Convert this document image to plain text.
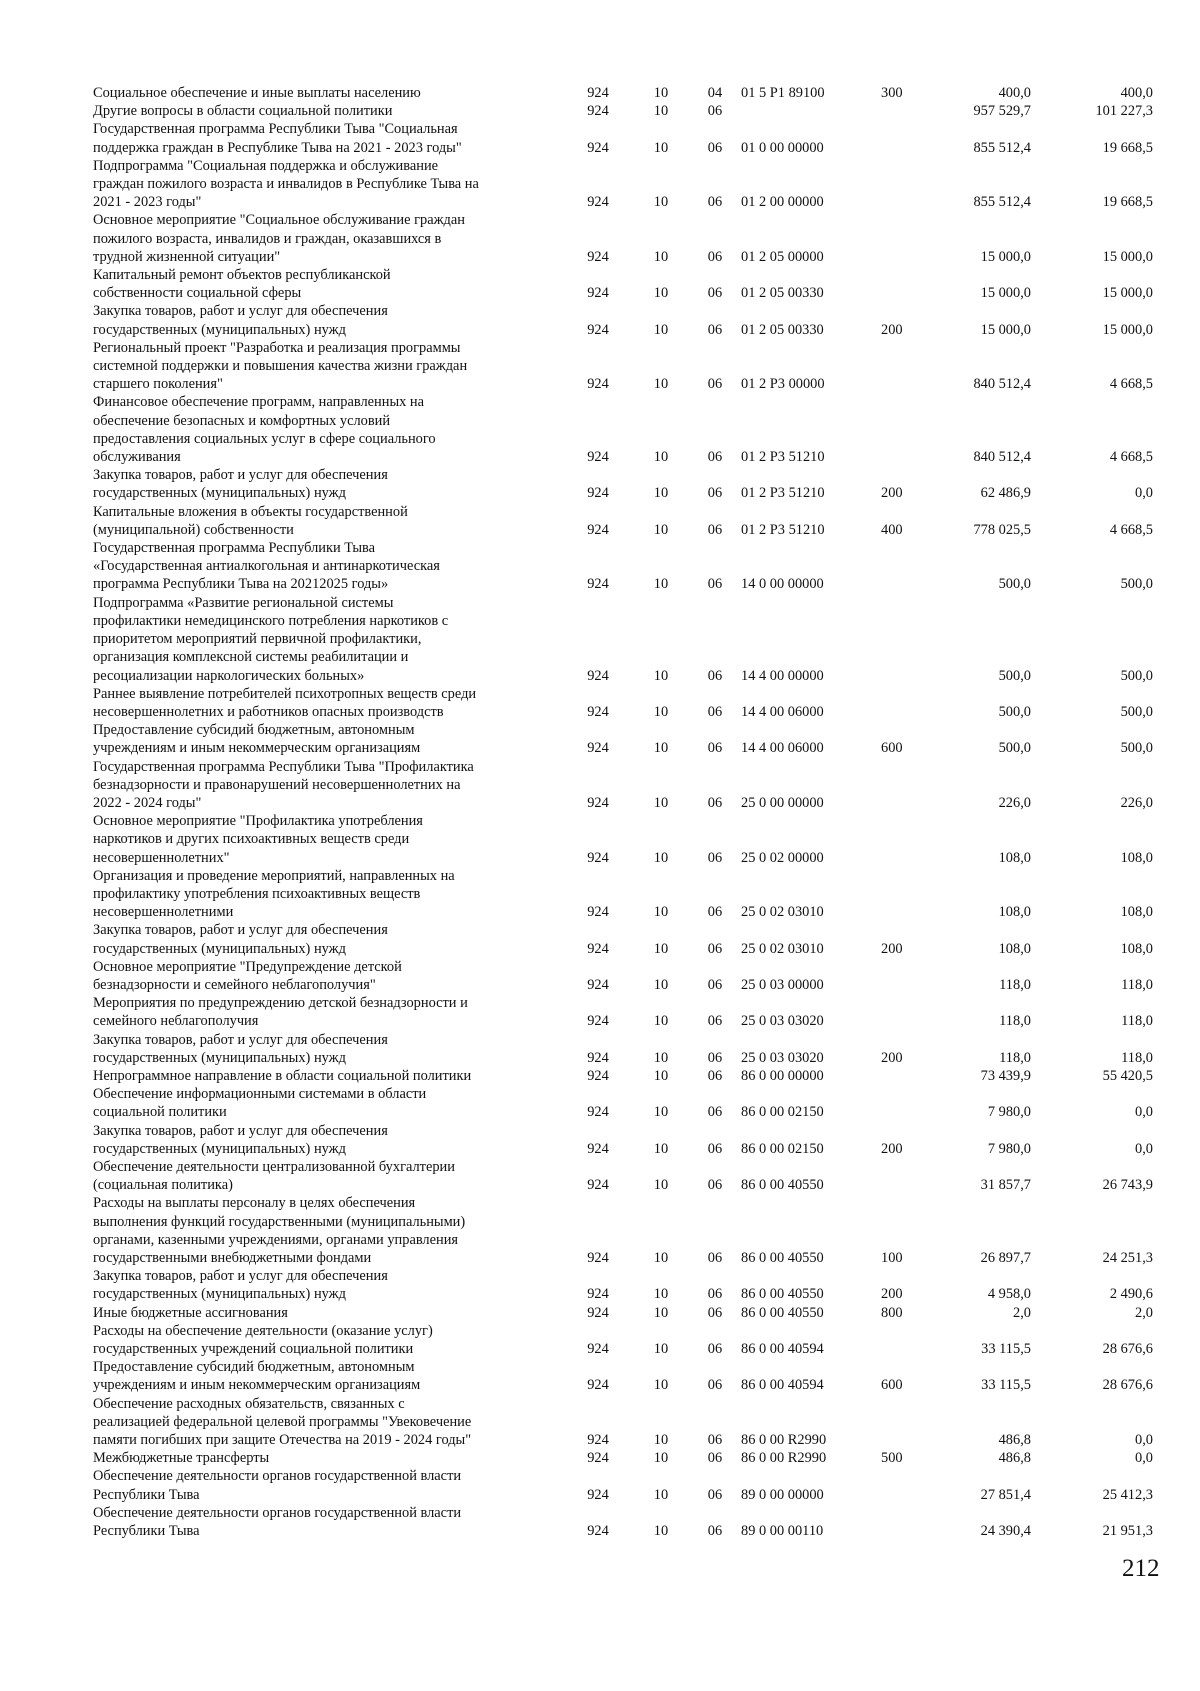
Социальное обеспечение и иные выплаты населению	924	10	04	01 5 P1 89100	300	400,0	400,0
Другие вопросы в области социальной политики	924	10	06			957 529,7	101 227,3
Государственная программа Республики Тыва "Социальная
поддержка граждан в Республике Тыва на 2021 - 2023 годы"	924	10	06	01 0 00 00000		855 512,4	19 668,5
Подпрограмма "Социальная поддержка и обслуживание
граждан пожилого возраста и инвалидов в Республике Тыва на
2021 - 2023 годы"	924	10	06	01 2 00 00000		855 512,4	19 668,5
Основное мероприятие "Социальное обслуживание граждан
пожилого возраста, инвалидов и граждан, оказавшихся в
трудной жизненной ситуации"	924	10	06	01 2 05 00000		15 000,0	15 000,0
Капитальный ремонт объектов республиканской
собственности социальной сферы	924	10	06	01 2 05 00330		15 000,0	15 000,0
Закупка товаров, работ и услуг для обеспечения
государственных (муниципальных) нужд	924	10	06	01 2 05 00330	200	15 000,0	15 000,0
Региональный проект "Разработка и реализация программы
системной поддержки и повышения качества жизни граждан
старшего поколения"	924	10	06	01 2 P3 00000		840 512,4	4 668,5
Финансовое обеспечение программ, направленных на
обеспечение безопасных и комфортных условий
предоставления социальных услуг в сфере социального
обслуживания	924	10	06	01 2 P3 51210		840 512,4	4 668,5
Закупка товаров, работ и услуг для обеспечения
государственных (муниципальных) нужд	924	10	06	01 2 P3 51210	200	62 486,9	0,0
Капитальные вложения в объекты государственной
(муниципальной) собственности	924	10	06	01 2 P3 51210	400	778 025,5	4 668,5
Государственная программа Республики Тыва
«Государственная антиалкогольная и антинаркотическая
программа Республики Тыва на 20212025 годы»	924	10	06	14 0 00 00000		500,0	500,0
Подпрограмма «Развитие региональной системы
профилактики немедицинского потребления наркотиков с
приоритетом мероприятий первичной профилактики,
организация комплексной системы реабилитации и
ресоциализации наркологических больных»	924	10	06	14 4 00 00000		500,0	500,0
Раннее выявление потребителей психотропных веществ среди
несовершеннолетних и работников опасных производств	924	10	06	14 4 00 06000		500,0	500,0
Предоставление субсидий бюджетным, автономным
учреждениям и иным некоммерческим организациям	924	10	06	14 4 00 06000	600	500,0	500,0
Государственная программа Республики Тыва "Профилактика
безнадзорности и правонарушений несовершеннолетних на
2022 - 2024 годы"	924	10	06	25 0 00 00000		226,0	226,0
Основное мероприятие "Профилактика употребления
наркотиков и других психоактивных веществ среди
несовершеннолетних"	924	10	06	25 0 02 00000		108,0	108,0
Организация и проведение мероприятий, направленных на
профилактику употребления психоактивных веществ
несовершеннолетними	924	10	06	25 0 02 03010		108,0	108,0
Закупка товаров, работ и услуг для обеспечения
государственных (муниципальных) нужд	924	10	06	25 0 02 03010	200	108,0	108,0
Основное мероприятие "Предупреждение детской
безнадзорности и семейного неблагополучия"	924	10	06	25 0 03 00000		118,0	118,0
Мероприятия по предупреждению детской безнадзорности и
семейного неблагополучия	924	10	06	25 0 03 03020		118,0	118,0
Закупка товаров, работ и услуг для обеспечения
государственных (муниципальных) нужд	924	10	06	25 0 03 03020	200	118,0	118,0
Непрограммное направление в области социальной политики	924	10	06	86 0 00 00000		73 439,9	55 420,5
Обеспечение информационными системами в области
социальной политики	924	10	06	86 0 00 02150		7 980,0	0,0
Закупка товаров, работ и услуг для обеспечения
государственных (муниципальных) нужд	924	10	06	86 0 00 02150	200	7 980,0	0,0
Обеспечение деятельности централизованной бухгалтерии
(социальная политика)	924	10	06	86 0 00 40550		31 857,7	26 743,9
Расходы на выплаты персоналу в целях обеспечения
выполнения функций государственными (муниципальными)
органами, казенными учреждениями, органами управления
государственными внебюджетными фондами	924	10	06	86 0 00 40550	100	26 897,7	24 251,3
Закупка товаров, работ и услуг для обеспечения
государственных (муниципальных) нужд	924	10	06	86 0 00 40550	200	4 958,0	2 490,6
Иные бюджетные ассигнования	924	10	06	86 0 00 40550	800	2,0	2,0
Расходы на обеспечение деятельности (оказание услуг)
государственных учреждений социальной политики	924	10	06	86 0 00 40594		33 115,5	28 676,6
Предоставление субсидий бюджетным, автономным
учреждениям и иным некоммерческим организациям	924	10	06	86 0 00 40594	600	33 115,5	28 676,6
Обеспечение расходных обязательств, связанных с
реализацией федеральной целевой программы "Увековечение
памяти погибших при защите Отечества на 2019 - 2024 годы"	924	10	06	86 0 00 R2990		486,8	0,0
Межбюджетные трансферты	924	10	06	86 0 00 R2990	500	486,8	0,0
Обеспечение деятельности органов государственной власти
Республики Тыва	924	10	06	89 0 00 00000		27 851,4	25 412,3
Обеспечение деятельности органов государственной власти
Республики Тыва	924	10	06	89 0 00 00110		24 390,4	21 951,3
212
